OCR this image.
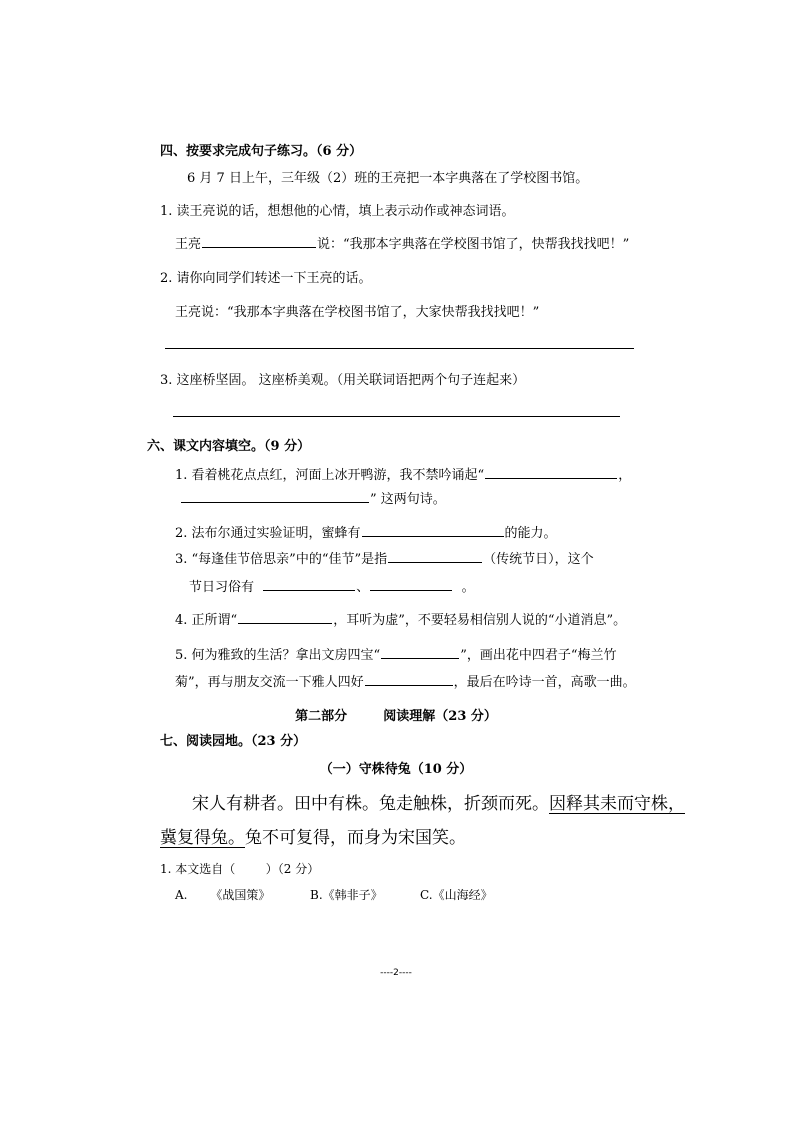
四、按要求完成句子练习。（6 分）
6 月 7 日上午，三年级（2）班的王亮把一本字典落在了学校图书馆。
1. 读王亮说的话，想想他的心情，填上表示动作或神态词语。
王亮	说：“我那本字典落在学校图书馆了，快帮我找找吧！”
2. 请你向同学们转述一下王亮的话。
王亮说：“我那本字典落在学校图书馆了，大家快帮我找找吧！”
3. 这座桥坚固。 这座桥美观。（用关联词语把两个句子连起来）
六、课文内容填空。（9 分）
1. 看着桃花点点红，河面上冰开鸭游，我不禁吟诵起“	，
” 这两句诗。
2. 法布尔通过实验证明，蜜蜂有	的能力。
3. “每逢佳节倍思亲”中的“佳节”是指	（传统节日），这个
节日习俗有	、	。
4. 正所谓“	，耳听为虚”，不要轻易相信别人说的“小道消息”。
5. 何为雅致的生活？拿出文房四宝“	”，画出花中四君子“梅兰竹
菊”，再与朋友交流一下雅人四好	，最后在吟诗一首，高歌一曲。
第二部分        阅读理解（23 分）
七、阅读园地。（23 分）
（一）守株待兔（10 分）
宋人有耕者。田中有株。兔走触株，折颈而死。因释其耒而守株，
冀复得兔。兔不可复得，而身为宋国笑。
1. 本文选自（        ）（2 分）
A.      《战国策》	B.《韩非子》	C.《山海经》
----2----
